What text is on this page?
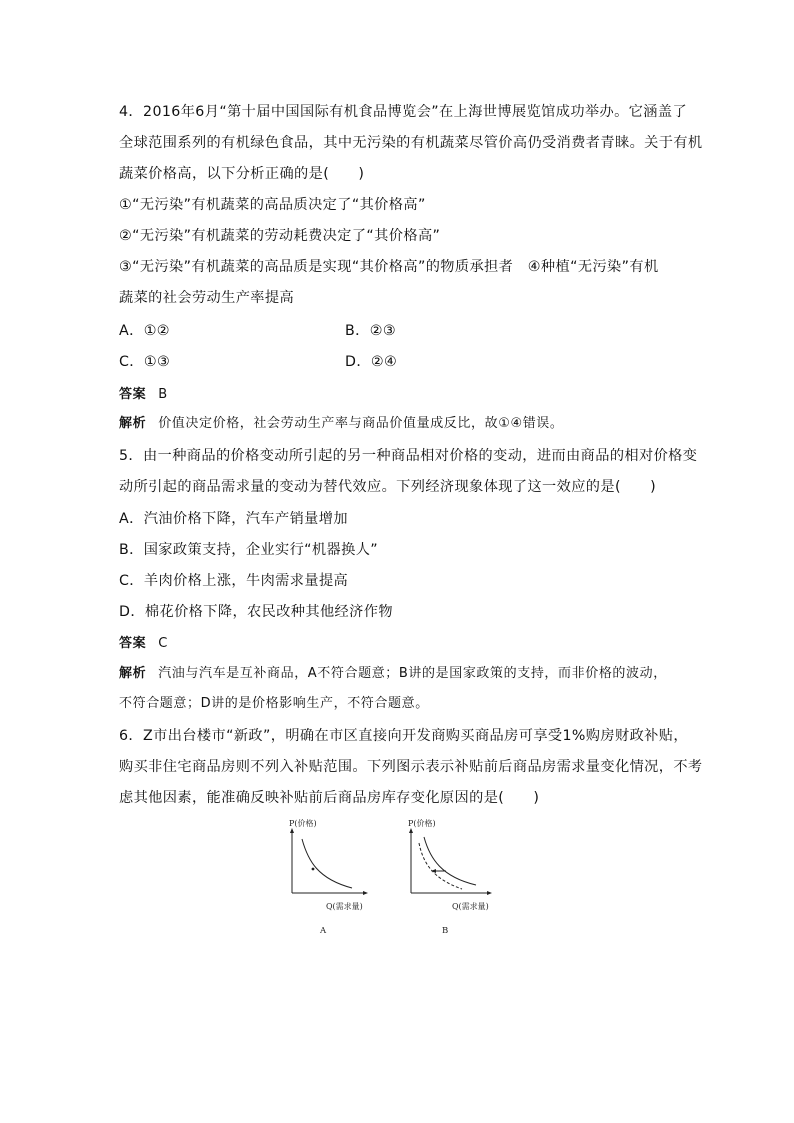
4．2016年6月“第十届中国国际有机食品博览会”在上海世博展览馆成功举办。它涵盖了
全球范围系列的有机绿色食品，其中无污染的有机蔬菜尽管价高仍受消费者青睐。关于有机
蔬菜价格高，以下分析正确的是(　　)
①“无污染”有机蔬菜的高品质决定了“其价格高”
②“无污染”有机蔬菜的劳动耗费决定了“其价格高”
③“无污染”有机蔬菜的高品质是实现“其价格高”的物质承担者　④种植“无污染”有机
蔬菜的社会劳动生产率提高
A．①②	B．②③
C．①③	D．②④
答案 B
解析 价值决定价格，社会劳动生产率与商品价值量成反比，故①④错误。
5．由一种商品的价格变动所引起的另一种商品相对价格的变动，进而由商品的相对价格变
动所引起的商品需求量的变动为替代效应。下列经济现象体现了这一效应的是(　　)
A．汽油价格下降，汽车产销量增加
B．国家政策支持，企业实行“机器换人”
C．羊肉价格上涨，牛肉需求量提高
D．棉花价格下降，农民改种其他经济作物
答案 C
解析 汽油与汽车是互补商品，A不符合题意；B讲的是国家政策的支持，而非价格的波动，
不符合题意；D讲的是价格影响生产，不符合题意。
6．Z市出台楼市“新政”，明确在市区直接向开发商购买商品房可享受1%购房财政补贴，
购买非住宅商品房则不列入补贴范围。下列图示表示补贴前后商品房需求量变化情况，不考
虑其他因素，能准确反映补贴前后商品房库存变化原因的是(　　)
P(价格)
Q(需求量)
A
P(价格)
Q(需求量)
B
